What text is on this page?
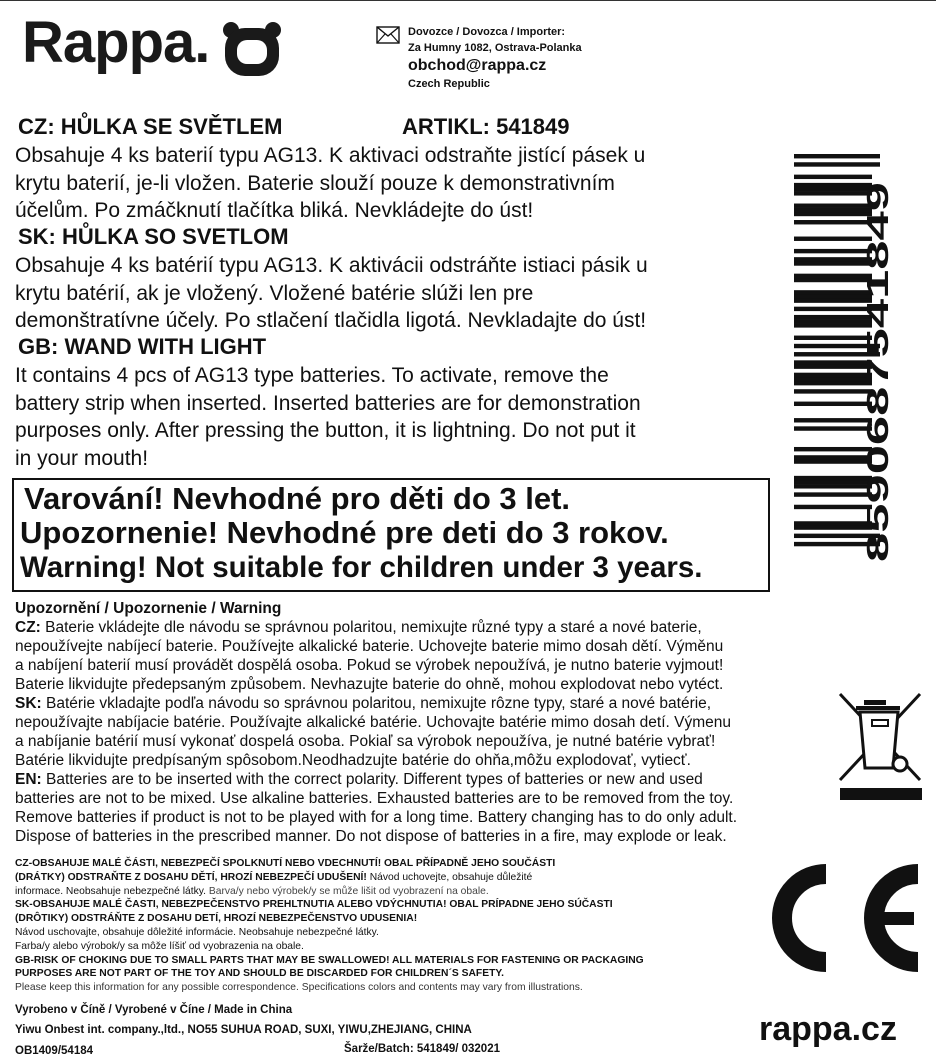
Rappa.	Dovozce / Dovozca / Importer:
Za Humny 1082, Ostrava-Polanka
obchod@rappa.cz
Czech Republic
CZ: HŮLKA SE SVĚTLEM	ARTIKL: 541849
Obsahuje 4 ks baterií typu AG13. K aktivaci odstraňte jistící pásek u
krytu baterií, je-li vložen. Baterie slouží pouze k demonstrativním
účelům. Po zmáčknutí tlačítka bliká. Nevkládejte do úst!
SK: HŮLKA SO SVETLOM
Obsahuje 4 ks batérií typu AG13. K aktivácii odstráňte istiaci pásik u
krytu batérií, ak je vložený. Vložené batérie slúži len pre
demonštratívne účely. Po stlačení tlačidla ligotá. Nevkladajte do úst!
GB: WAND WITH LIGHT
It contains 4 pcs of AG13 type batteries. To activate, remove the
battery strip when inserted. Inserted batteries are for demonstration
purposes only. After pressing the button, it is lightning. Do not put it
in your mouth!
Varování! Nevhodné pro děti do 3 let.
Upozornenie! Nevhodné pre deti do 3 rokov.
Warning! Not suitable for children under 3 years.
8590687541849
Upozornění / Upozornenie / Warning
CZ: Baterie vkládejte dle návodu se správnou polaritou, nemixujte různé typy a staré a nové baterie,
nepoužívejte nabíjecí baterie. Používejte alkalické baterie. Uchovejte baterie mimo dosah dětí. Výměnu
a nabíjení baterií musí provádět dospělá osoba. Pokud se výrobek nepoužívá, je nutno baterie vyjmout!
Baterie likvidujte předepsaným způsobem. Nevhazujte baterie do ohně, mohou explodovat nebo vytéct.
SK: Batérie vkladajte podľa návodu so správnou polaritou, nemixujte rôzne typy, staré a nové batérie,
nepoužívajte nabíjacie batérie. Používajte alkalické batérie. Uchovajte batérie mimo dosah detí. Výmenu
a nabíjanie batérií musí vykonať dospelá osoba. Pokiaľ sa výrobok nepoužíva, je nutné batérie vybrať!
Batérie likvidujte predpísaným spôsobom.Neodhadzujte batérie do ohňa,môžu explodovať, vytiecť.
EN: Batteries are to be inserted with the correct polarity. Different types of batteries or new and used
batteries are not to be mixed. Use alkaline batteries. Exhausted batteries are to be removed from the toy.
Remove batteries if product is not to be played with for a long time. Battery changing has to do only adult.
Dispose of batteries in the prescribed manner. Do not dispose of batteries in a fire, may explode or leak.
CZ-OBSAHUJE MALÉ ČÁSTI, NEBEZPEČÍ SPOLKNUTÍ NEBO VDECHNUTÍ! OBAL PŘÍPADNĚ JEHO SOUČÁSTI
(DRÁTKY) ODSTRAŇTE Z DOSAHU DĚTÍ, HROZÍ NEBEZPEČÍ UDUŠENÍ! Návod uchovejte, obsahuje důležité
informace. Neobsahuje nebezpečné látky. Barva/y nebo výrobek/y se může lišit od vyobrazení na obale.
SK-OBSAHUJE MALÉ ČASTI, NEBEZPEČENSTVO PREHLTNUTIA ALEBO VDÝCHNUTIA! OBAL PRÍPADNE JEHO SÚČASTI
(DRÔTIKY) ODSTRÁŇTE Z DOSAHU DETÍ, HROZÍ NEBEZPEČENSTVO UDUSENIA!
Návod uschovajte, obsahuje dôležité informácie. Neobsahuje nebezpečné látky.
Farba/y alebo výrobok/y sa môže líšiť od vyobrazenia na obale.
GB-RISK OF CHOKING DUE TO SMALL PARTS THAT MAY BE SWALLOWED! ALL MATERIALS FOR FASTENING OR PACKAGING
PURPOSES ARE NOT PART OF THE TOY AND SHOULD BE DISCARDED FOR CHILDREN´S SAFETY.
Please keep this information for any possible correspondence. Specifications colors and contents may vary from illustrations.
Vyrobeno v Číně / Vyrobené v Číne / Made in China
Yiwu Onbest int. company.,ltd., NO55 SUHUA ROAD, SUXI, YIWU,ZHEJIANG, CHINA
OB1409/54184	Šarže/Batch: 541849/ 032021
rappa.cz
